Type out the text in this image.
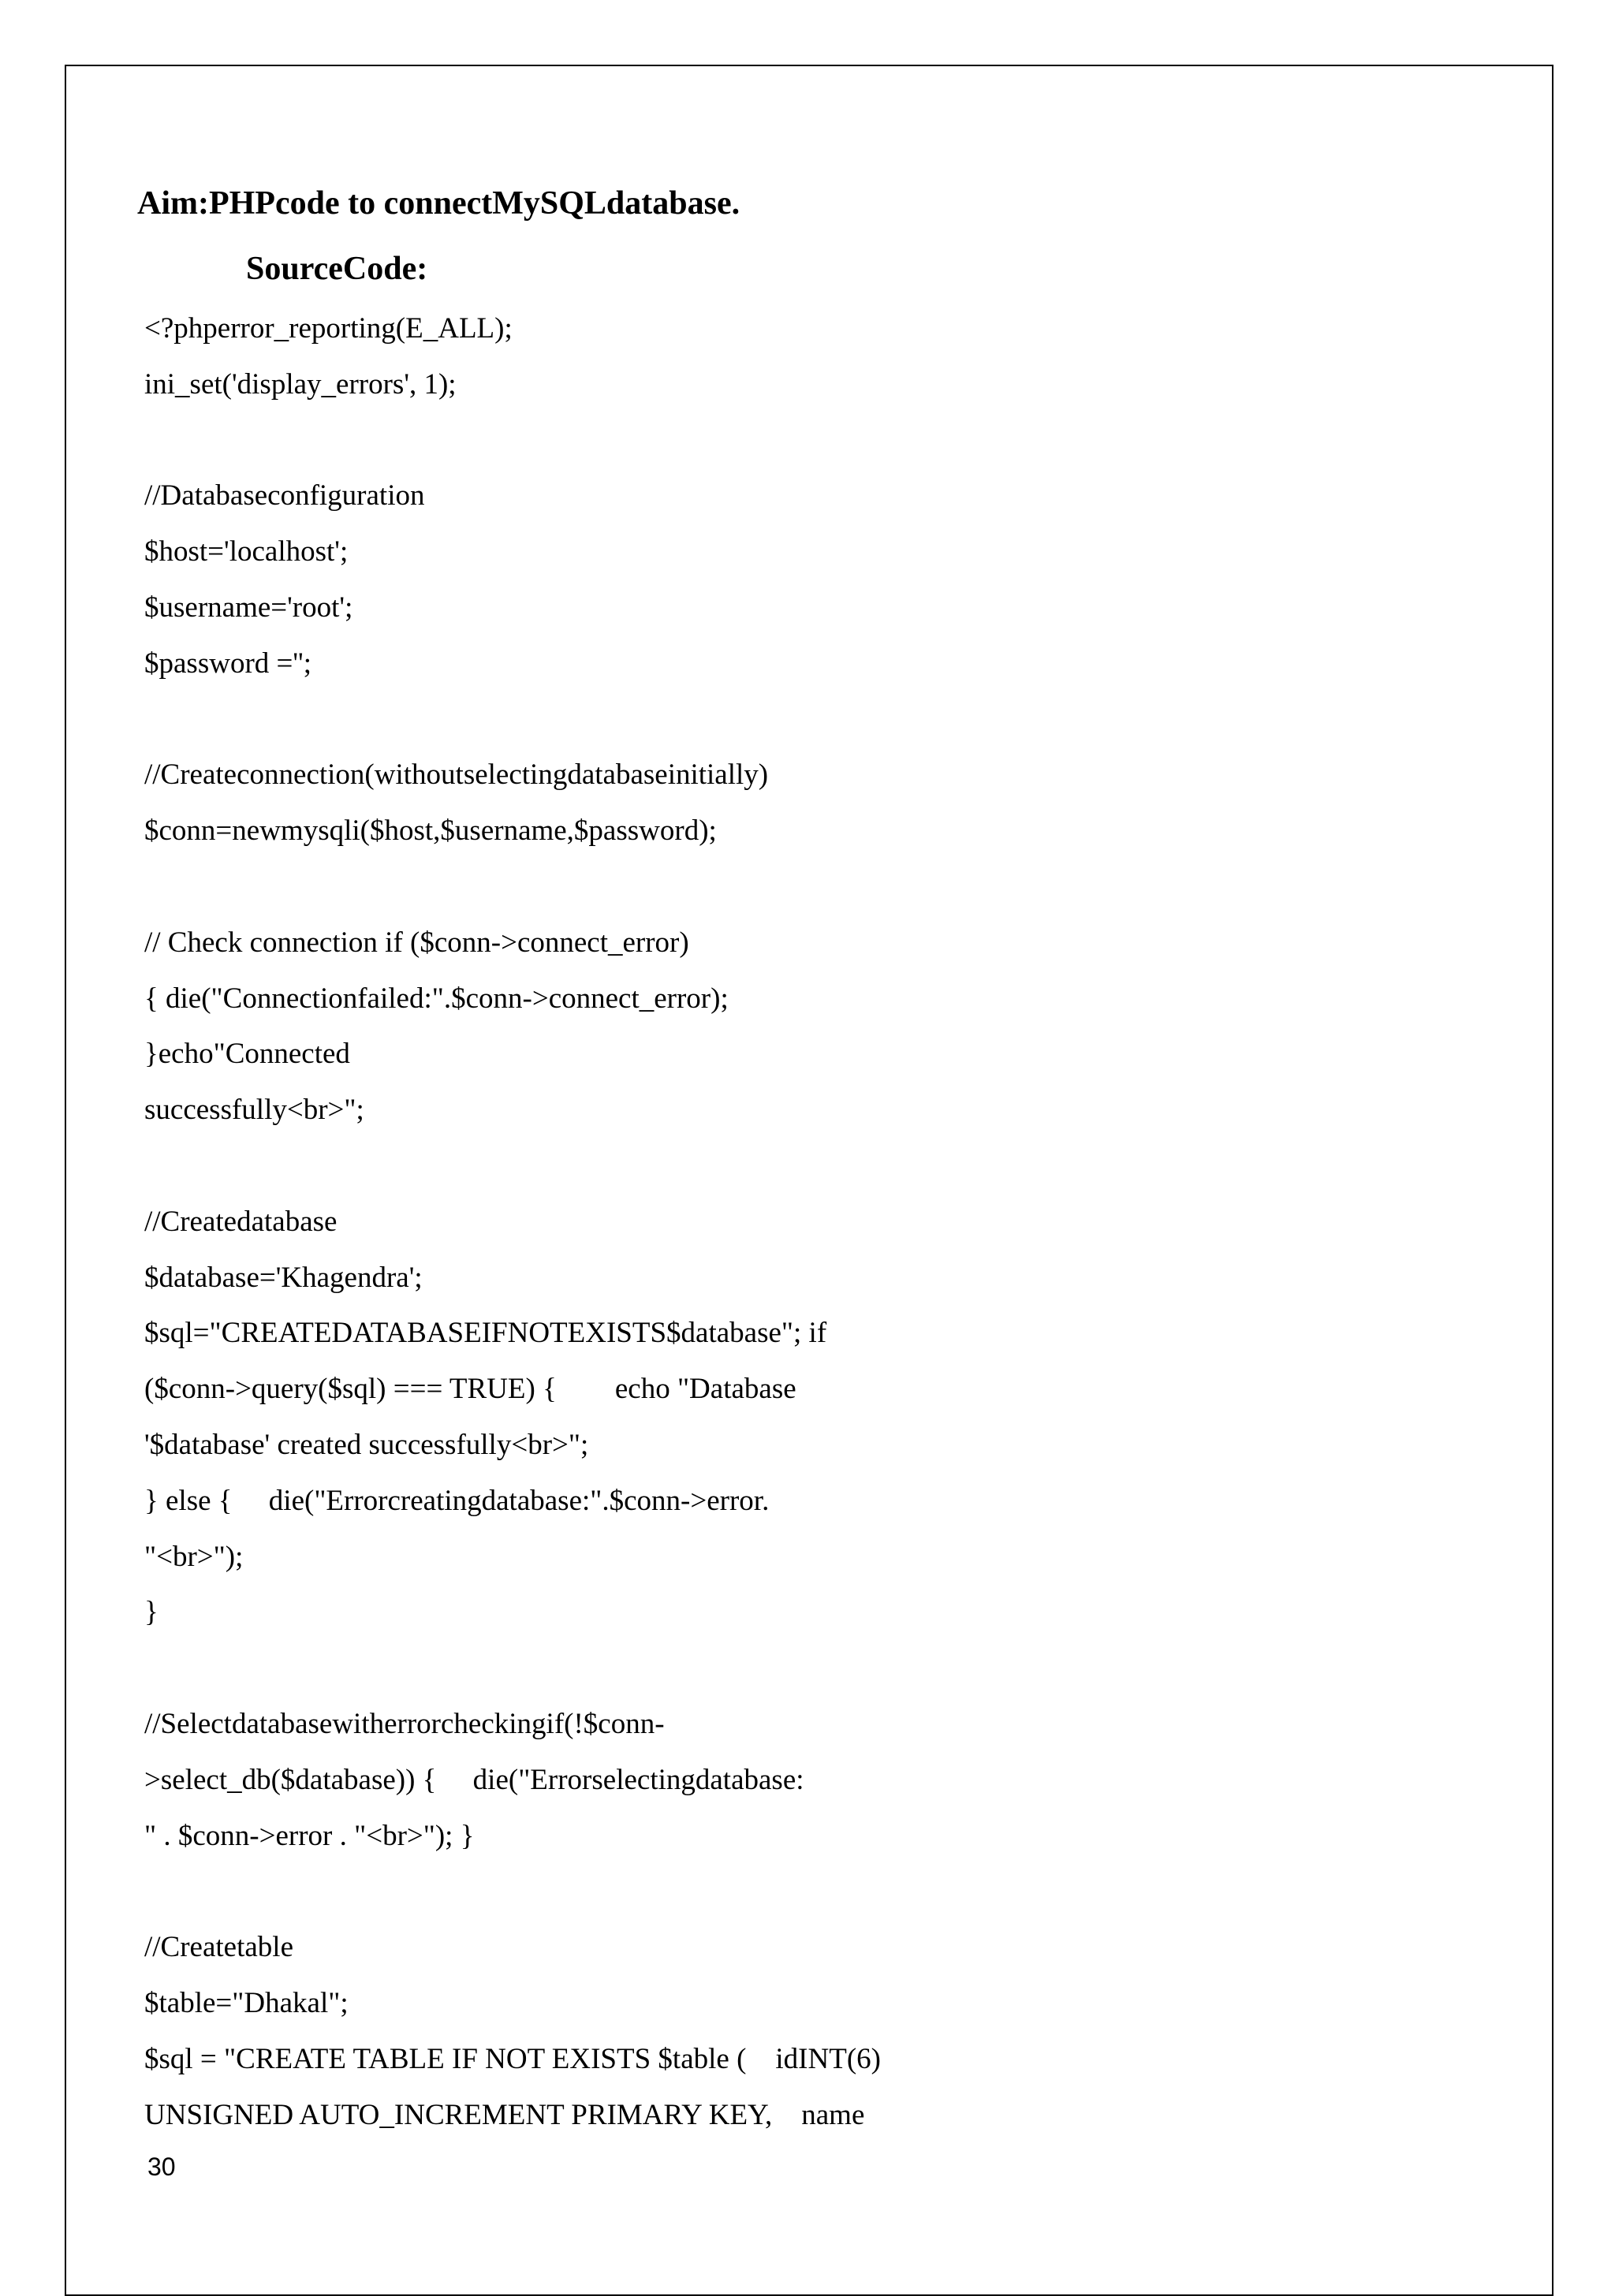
Aim:PHPcode to connectMySQLdatabase.
SourceCode:
<?phperror_reporting(E_ALL);
ini_set('display_errors', 1);
//Databaseconfiguration
$host='localhost';
$username='root';
$password ='';
//Createconnection(withoutselectingdatabaseinitially)
$conn=newmysqli($host,$username,$password);
// Check connection if ($conn->connect_error)
{ die("Connectionfailed:".$conn->connect_error);
}echo"Connected
successfully<br>";
//Createdatabase
$database='Khagendra';
$sql="CREATEDATABASEIFNOTEXISTS$database"; if
($conn->query($sql) === TRUE) {        echo "Database
'$database' created successfully<br>";
} else {     die("Errorcreatingdatabase:".$conn->error.
"<br>");
}
//Selectdatabasewitherrorcheckingif(!$conn-
>select_db($database)) {     die("Errorselectingdatabase:
" . $conn->error . "<br>"); }
//Createtable
$table="Dhakal";
$sql = "CREATE TABLE IF NOT EXISTS $table (    idINT(6)
UNSIGNED AUTO_INCREMENT PRIMARY KEY,    name
30
